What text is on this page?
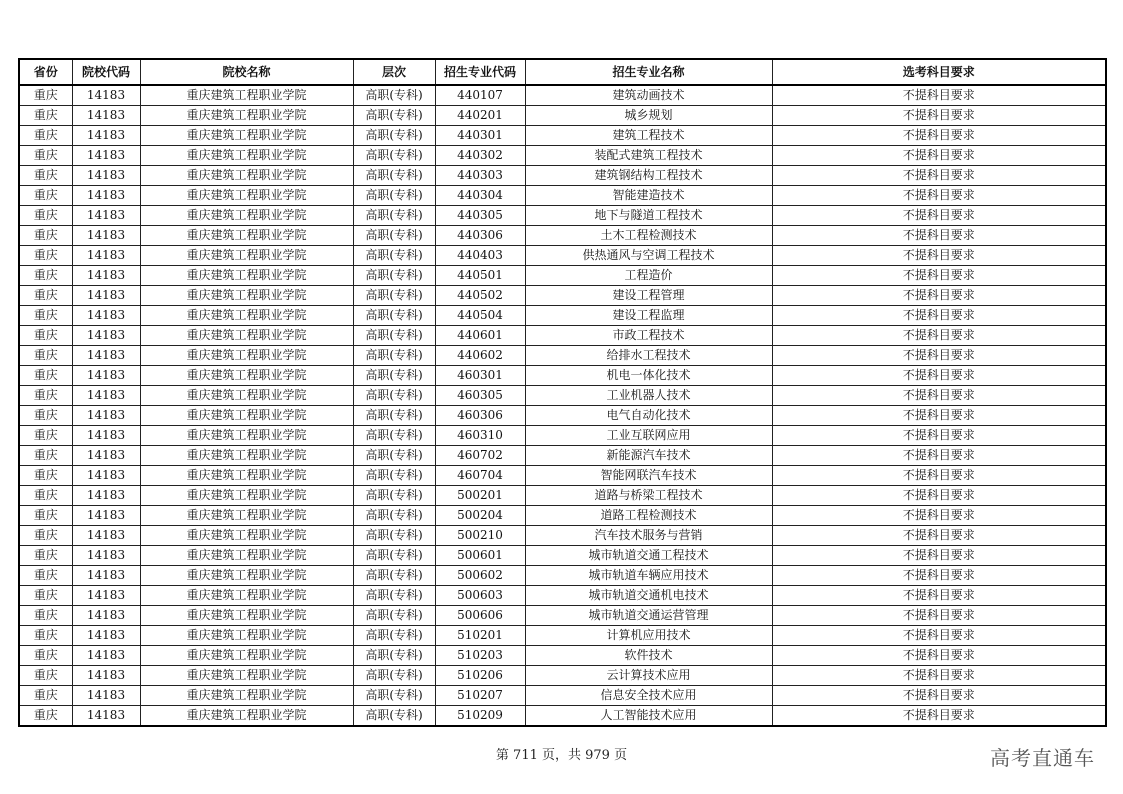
省份	院校代码	院校名称	层次	招生专业代码	招生专业名称	选考科目要求
重庆	14183	重庆建筑工程职业学院	高职(专科)	440107	建筑动画技术	不提科目要求
重庆	14183	重庆建筑工程职业学院	高职(专科)	440201	城乡规划	不提科目要求
重庆	14183	重庆建筑工程职业学院	高职(专科)	440301	建筑工程技术	不提科目要求
重庆	14183	重庆建筑工程职业学院	高职(专科)	440302	装配式建筑工程技术	不提科目要求
重庆	14183	重庆建筑工程职业学院	高职(专科)	440303	建筑钢结构工程技术	不提科目要求
重庆	14183	重庆建筑工程职业学院	高职(专科)	440304	智能建造技术	不提科目要求
重庆	14183	重庆建筑工程职业学院	高职(专科)	440305	地下与隧道工程技术	不提科目要求
重庆	14183	重庆建筑工程职业学院	高职(专科)	440306	土木工程检测技术	不提科目要求
重庆	14183	重庆建筑工程职业学院	高职(专科)	440403	供热通风与空调工程技术	不提科目要求
重庆	14183	重庆建筑工程职业学院	高职(专科)	440501	工程造价	不提科目要求
重庆	14183	重庆建筑工程职业学院	高职(专科)	440502	建设工程管理	不提科目要求
重庆	14183	重庆建筑工程职业学院	高职(专科)	440504	建设工程监理	不提科目要求
重庆	14183	重庆建筑工程职业学院	高职(专科)	440601	市政工程技术	不提科目要求
重庆	14183	重庆建筑工程职业学院	高职(专科)	440602	给排水工程技术	不提科目要求
重庆	14183	重庆建筑工程职业学院	高职(专科)	460301	机电一体化技术	不提科目要求
重庆	14183	重庆建筑工程职业学院	高职(专科)	460305	工业机器人技术	不提科目要求
重庆	14183	重庆建筑工程职业学院	高职(专科)	460306	电气自动化技术	不提科目要求
重庆	14183	重庆建筑工程职业学院	高职(专科)	460310	工业互联网应用	不提科目要求
重庆	14183	重庆建筑工程职业学院	高职(专科)	460702	新能源汽车技术	不提科目要求
重庆	14183	重庆建筑工程职业学院	高职(专科)	460704	智能网联汽车技术	不提科目要求
重庆	14183	重庆建筑工程职业学院	高职(专科)	500201	道路与桥梁工程技术	不提科目要求
重庆	14183	重庆建筑工程职业学院	高职(专科)	500204	道路工程检测技术	不提科目要求
重庆	14183	重庆建筑工程职业学院	高职(专科)	500210	汽车技术服务与营销	不提科目要求
重庆	14183	重庆建筑工程职业学院	高职(专科)	500601	城市轨道交通工程技术	不提科目要求
重庆	14183	重庆建筑工程职业学院	高职(专科)	500602	城市轨道车辆应用技术	不提科目要求
重庆	14183	重庆建筑工程职业学院	高职(专科)	500603	城市轨道交通机电技术	不提科目要求
重庆	14183	重庆建筑工程职业学院	高职(专科)	500606	城市轨道交通运营管理	不提科目要求
重庆	14183	重庆建筑工程职业学院	高职(专科)	510201	计算机应用技术	不提科目要求
重庆	14183	重庆建筑工程职业学院	高职(专科)	510203	软件技术	不提科目要求
重庆	14183	重庆建筑工程职业学院	高职(专科)	510206	云计算技术应用	不提科目要求
重庆	14183	重庆建筑工程职业学院	高职(专科)	510207	信息安全技术应用	不提科目要求
重庆	14183	重庆建筑工程职业学院	高职(专科)	510209	人工智能技术应用	不提科目要求
第 711 页，共 979 页	高考直通车
